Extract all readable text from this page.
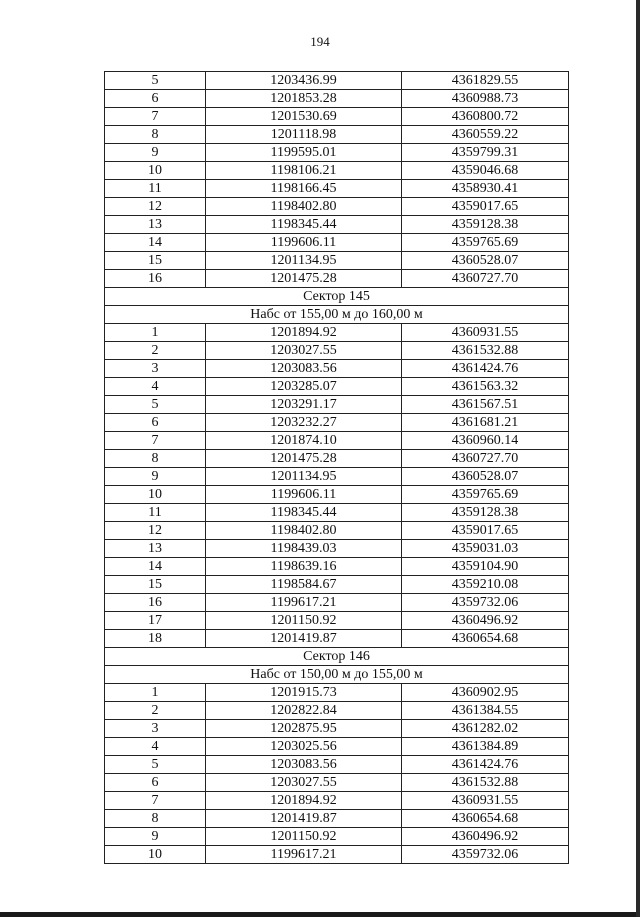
194
5	1203436.99	4361829.55
6	1201853.28	4360988.73
7	1201530.69	4360800.72
8	1201118.98	4360559.22
9	1199595.01	4359799.31
10	1198106.21	4359046.68
11	1198166.45	4358930.41
12	1198402.80	4359017.65
13	1198345.44	4359128.38
14	1199606.11	4359765.69
15	1201134.95	4360528.07
16	1201475.28	4360727.70
Сектор 145		
Набс от 155,00 м до 160,00 м		
1	1201894.92	4360931.55
2	1203027.55	4361532.88
3	1203083.56	4361424.76
4	1203285.07	4361563.32
5	1203291.17	4361567.51
6	1203232.27	4361681.21
7	1201874.10	4360960.14
8	1201475.28	4360727.70
9	1201134.95	4360528.07
10	1199606.11	4359765.69
11	1198345.44	4359128.38
12	1198402.80	4359017.65
13	1198439.03	4359031.03
14	1198639.16	4359104.90
15	1198584.67	4359210.08
16	1199617.21	4359732.06
17	1201150.92	4360496.92
18	1201419.87	4360654.68
Сектор 146		
Набс от 150,00 м до 155,00 м		
1	1201915.73	4360902.95
2	1202822.84	4361384.55
3	1202875.95	4361282.02
4	1203025.56	4361384.89
5	1203083.56	4361424.76
6	1203027.55	4361532.88
7	1201894.92	4360931.55
8	1201419.87	4360654.68
9	1201150.92	4360496.92
10	1199617.21	4359732.06
